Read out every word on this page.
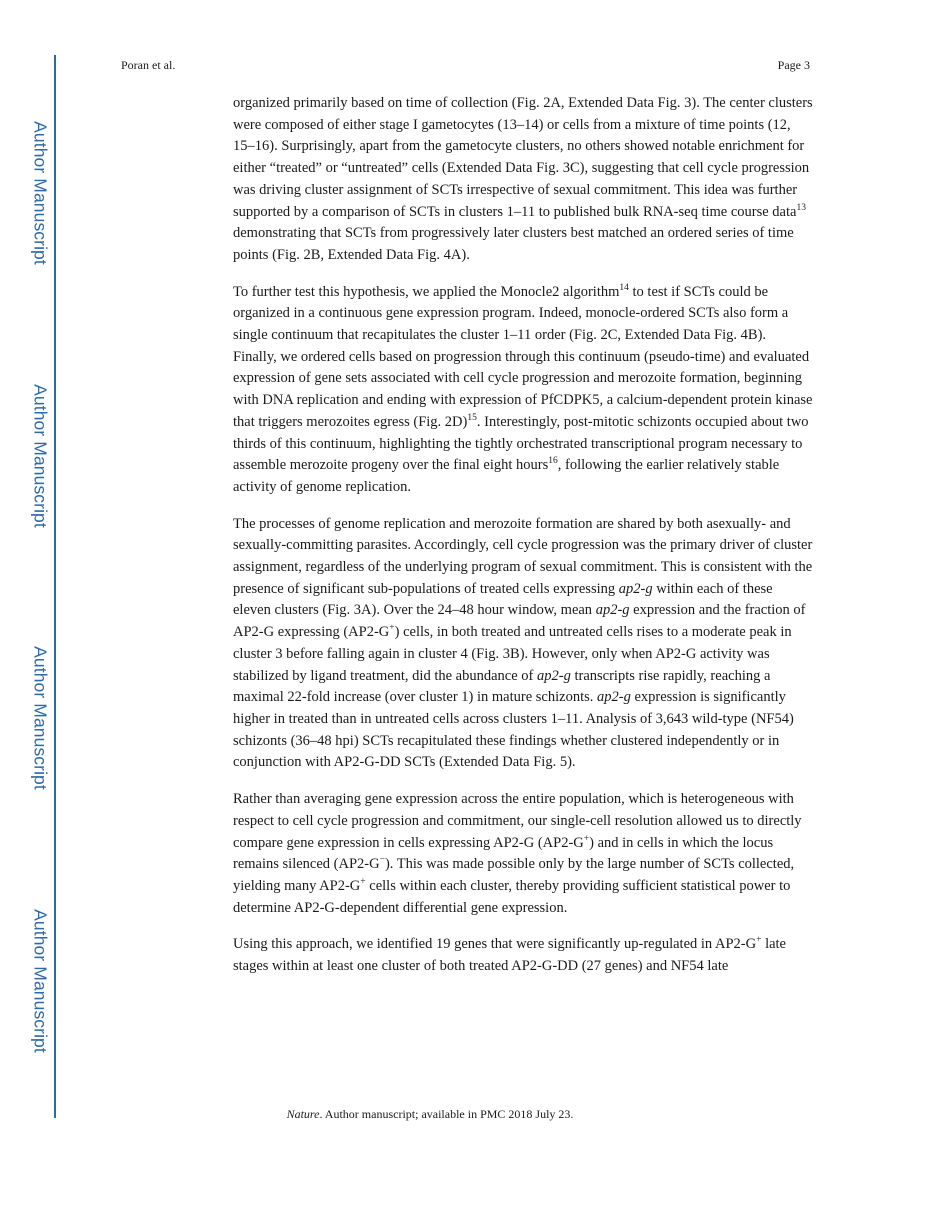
Author Manuscript
Author Manuscript
Author Manuscript
Author Manuscript
Poran et al.	Page 3

organized primarily based on time of collection (Fig. 2A, Extended Data Fig. 3). The center clusters were composed of either stage I gametocytes (13–14) or cells from a mixture of time points (12, 15–16). Surprisingly, apart from the gametocyte clusters, no others showed notable enrichment for either “treated” or “untreated” cells (Extended Data Fig. 3C), suggesting that cell cycle progression was driving cluster assignment of SCTs irrespective of sexual commitment. This idea was further supported by a comparison of SCTs in clusters 1–11 to published bulk RNA-seq time course data$^{13}$ demonstrating that SCTs from progressively later clusters best matched an ordered series of time points (Fig. 2B, Extended Data Fig. 4A).

To further test this hypothesis, we applied the Monocle2 algorithm$^{14}$ to test if SCTs could be organized in a continuous gene expression program. Indeed, monocle-ordered SCTs also form a single continuum that recapitulates the cluster 1–11 order (Fig. 2C, Extended Data Fig. 4B). Finally, we ordered cells based on progression through this continuum (pseudo-time) and evaluated expression of gene sets associated with cell cycle progression and merozoite formation, beginning with DNA replication and ending with expression of PfCDPK5, a calcium-dependent protein kinase that triggers merozoites egress (Fig. 2D)$^{15}$. Interestingly, post-mitotic schizonts occupied about two thirds of this continuum, highlighting the tightly orchestrated transcriptional program necessary to assemble merozoite progeny over the final eight hours$^{16}$, following the earlier relatively stable activity of genome replication.

The processes of genome replication and merozoite formation are shared by both asexually- and sexually-committing parasites. Accordingly, cell cycle progression was the primary driver of cluster assignment, regardless of the underlying program of sexual commitment. This is consistent with the presence of significant sub-populations of treated cells expressing ap2-g within each of these eleven clusters (Fig. 3A). Over the 24–48 hour window, mean ap2-g expression and the fraction of AP2-G expressing (AP2-G+) cells, in both treated and untreated cells rises to a moderate peak in cluster 3 before falling again in cluster 4 (Fig. 3B). However, only when AP2-G activity was stabilized by ligand treatment, did the abundance of ap2-g transcripts rise rapidly, reaching a maximal 22-fold increase (over cluster 1) in mature schizonts. ap2-g expression is significantly higher in treated than in untreated cells across clusters 1–11. Analysis of 3,643 wild-type (NF54) schizonts (36–48 hpi) SCTs recapitulated these findings whether clustered independently or in conjunction with AP2-G-DD SCTs (Extended Data Fig. 5).

Rather than averaging gene expression across the entire population, which is heterogeneous with respect to cell cycle progression and commitment, our single-cell resolution allowed us to directly compare gene expression in cells expressing AP2-G (AP2-G+) and in cells in which the locus remains silenced (AP2-G−). This was made possible only by the large number of SCTs collected, yielding many AP2-G+ cells within each cluster, thereby providing sufficient statistical power to determine AP2-G-dependent differential gene expression.

Using this approach, we identified 19 genes that were significantly up-regulated in AP2-G+ late stages within at least one cluster of both treated AP2-G-DD (27 genes) and NF54 late

Nature. Author manuscript; available in PMC 2018 July 23.
